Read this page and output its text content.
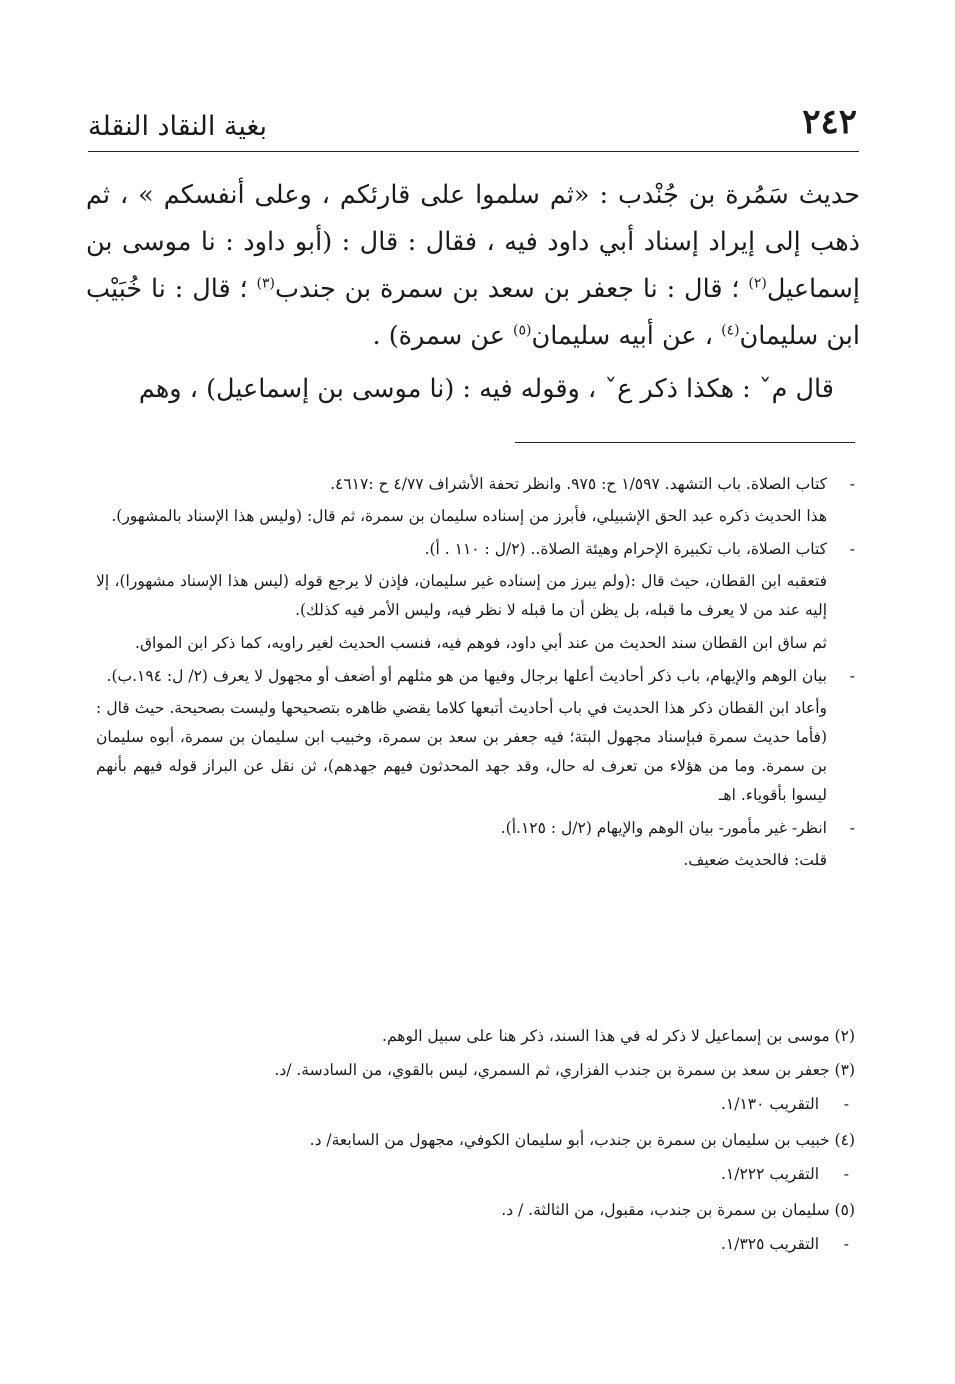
٢٤٢
بغية النقاد النقلة

حديث سَمُرة بن جُنْدب : «ثم سلموا على قارئكم ، وعلى أنفسكم » ، ثم ذهب إلى إيراد إسناد أبي داود فيه ، فقال : قال : (أبو داود : نا موسى بن إسماعيل$^{(٢)}$ ؛ قال : نا جعفر بن سعد بن سمرة بن جندب$^{(٣)}$ ؛ قال : نا خُبَيْب ابن سليمان$^{(٤)}$ ، عن أبيه سليمان$^{(٥)}$ عن سمرة) .

قال مˇ : هكذا ذكر عˇ ، وقوله فيه : (نا موسى بن إسماعيل) ، وهم

-
كتاب الصلاة. باب التشهد. ١/٥٩٧ ح: ٩٧٥. وانظر تحفة الأشراف ٤/٧٧ ح :٤٦١٧.

هذا الحديث ذكره عبد الحق الإشبيلي، فأبرز من إسناده سليمان بن سمرة، ثم قال: (وليس هذا الإسناد بالمشهور).

-
كتاب الصلاة، باب تكبيرة الإحرام وهيئة الصلاة.. (٢/ل : ١١٠ . أ).

فتعقبه ابن القطان، حيث قال :(ولم يبرز من إسناده غير سليمان، فإذن لا يرجع قوله (ليس هذا الإسناد مشهورا)، إلا إليه عند من لا يعرف ما قبله، بل يظن أن ما قبله لا نظر فيه، وليس الأمر فيه كذلك).

ثم ساق ابن القطان سند الحديث من عند أبي داود، فوهم فيه، فنسب الحديث لغير راويه، كما ذكر ابن المواق.

-
بيان الوهم والإيهام، باب ذكر أحاديث أعلها برجال وفيها من هو مثلهم أو أضعف أو مجهول لا يعرف (٢/ ل: ١٩٤.ب).

وأعاد ابن القطان ذكر هذا الحديث في باب أحاديث أتبعها كلاما يقضي ظاهره بتصحيحها وليست بصحيحة. حيث قال : (فأما حديث سمرة فبإسناد مجهول البتة؛ فيه جعفر بن سعد بن سمرة، وخبيب ابن سليمان بن سمرة، أبوه سليمان بن سمرة. وما من هؤلاء من تعرف له حال، وقد جهد المحدثون فيهم جهدهم)، ثن نقل عن البراز قوله فيهم بأنهم ليسوا بأقوياء. اهـ

-
انظر- غير مأمور- بيان الوهم والإيهام (٢/ل : ١٢٥.أ).

قلت: فالحديث ضعيف.

(٢) موسى بن إسماعيل لا ذكر له في هذا السند، ذكر هنا على سبيل الوهم.
(٣) جعفر بن سعد بن سمرة بن جندب الفزاري، ثم السمري، ليس بالقوي، من السادسة. /د.
-
التقريب ١/١٣٠.
(٤) خبيب بن سليمان بن سمرة بن جندب، أبو سليمان الكوفي، مجهول من السابعة/ د.
-
التقريب ١/٢٢٢.
(٥) سليمان بن سمرة بن جندب، مقبول، من الثالثة. / د.
-
التقريب ١/٣٢٥.
